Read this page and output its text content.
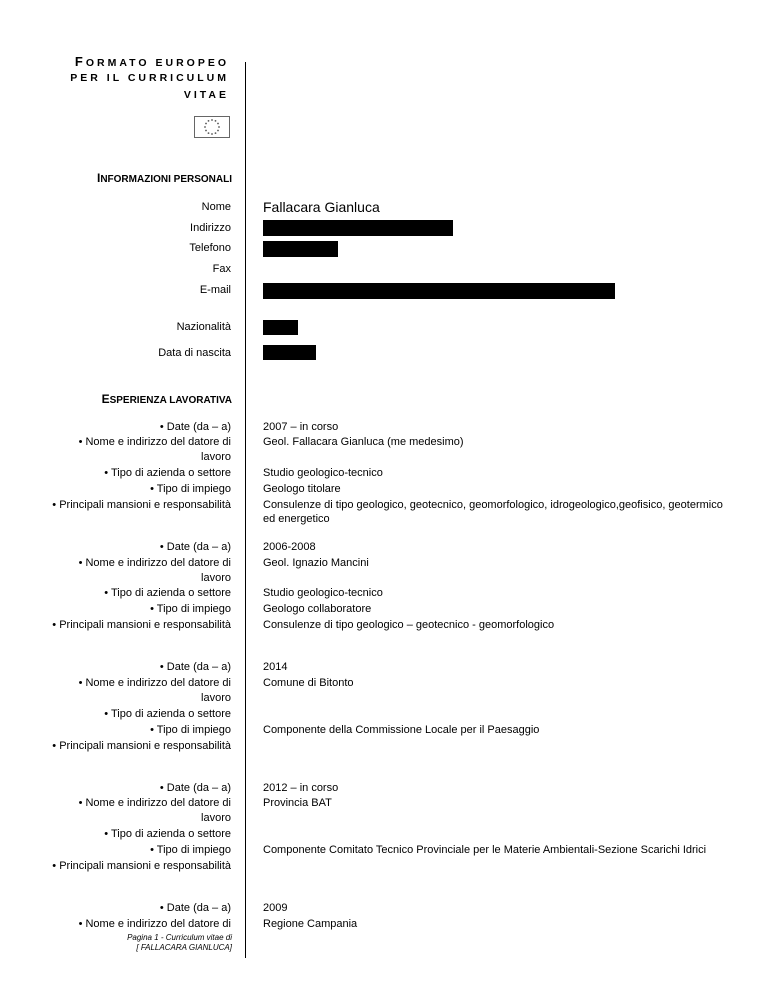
FORMATO EUROPEO
PER IL CURRICULUM
VITAE
INFORMAZIONI PERSONALI
Nome Fallacara Gianluca
Indirizzo
Telefono
Fax
E-mail
Nazionalità
Data di nascita
ESPERIENZA LAVORATIVA
• Date (da – a)	2007 – in corso
• Nome e indirizzo del datore di	Geol. Fallacara Gianluca (me medesimo)
lavoro
• Tipo di azienda o settore	Studio geologico-tecnico
• Tipo di impiego	Geologo titolare
• Principali mansioni e responsabilità	Consulenze di tipo geologico, geotecnico, geomorfologico, idrogeologico,geofisico, geotermico
ed energetico
• Date (da – a)	2006-2008
• Nome e indirizzo del datore di	Geol. Ignazio Mancini
lavoro
• Tipo di azienda o settore	Studio geologico-tecnico
• Tipo di impiego	Geologo collaboratore
• Principali mansioni e responsabilità	Consulenze di tipo geologico – geotecnico - geomorfologico
• Date (da – a)	2014
• Nome e indirizzo del datore di	Comune di Bitonto
lavoro
• Tipo di azienda o settore
• Tipo di impiego	Componente della Commissione Locale per il Paesaggio
• Principali mansioni e responsabilità
• Date (da – a)	2012 – in corso
• Nome e indirizzo del datore di	Provincia BAT
lavoro
• Tipo di azienda o settore
• Tipo di impiego	Componente Comitato Tecnico Provinciale per le Materie Ambientali-Sezione Scarichi Idrici
• Principali mansioni e responsabilità
• Date (da – a)	2009
• Nome e indirizzo del datore di	Regione Campania
Pagina 1 - Curriculum vitae di
[ FALLACARA GIANLUCA]
